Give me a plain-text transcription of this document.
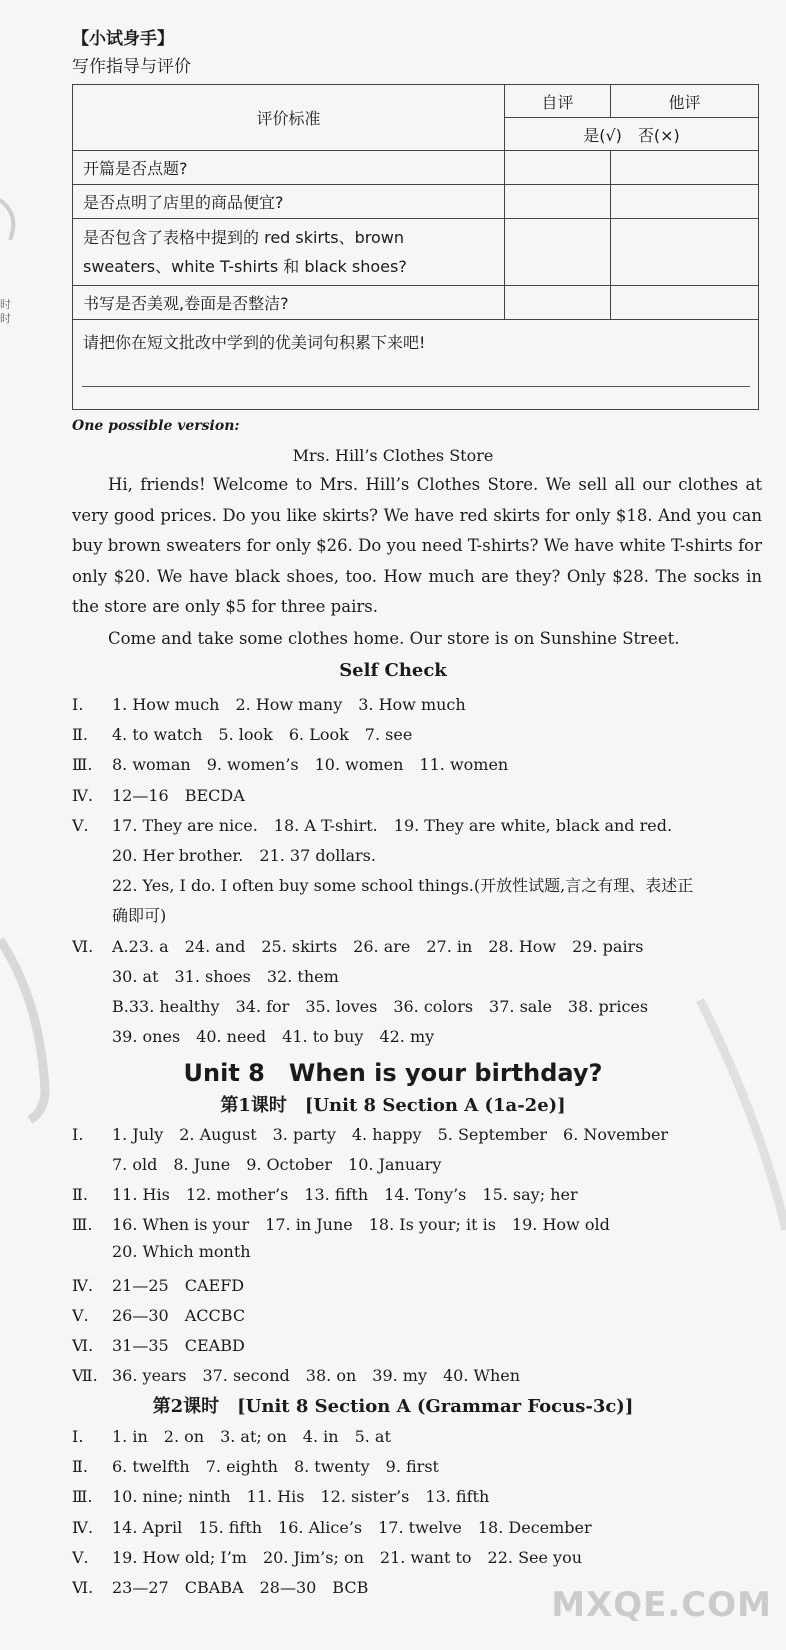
时
时
【小试身手】
写作指导与评价
评价标准	自评	他评
	是(√)　否(×)	
开篇是否点题?		
是否点明了店里的商品便宜?		
是否包含了表格中提到的 red skirts、brown sweaters、white T-shirts 和 black shoes?		
书写是否美观,卷面是否整洁?		
请把你在短文批改中学到的优美词句积累下来吧!		
One possible version:
Mrs. Hill’s Clothes Store
Hi, friends! Welcome to Mrs. Hill’s Clothes Store. We sell all our clothes at very good prices. Do you like skirts? We have red skirts for only $18. And you can buy brown sweaters for only $26. Do you need T-shirts? We have white T-shirts for only $20. We have black shoes, too. How much are they? Only $28. The socks in the store are only $5 for three pairs.
Come and take some clothes home. Our store is on Sunshine Street.
Self Check
Ⅰ. 1. How much　2. How many　3. How much
Ⅱ. 4. to watch　5. look　6. Look　7. see
Ⅲ. 8. woman　9. women’s　10. women　11. women
Ⅳ. 12—16　BECDA
Ⅴ. 17. They are nice.　18. A T-shirt.　19. They are white, black and red.
20. Her brother.　21. 37 dollars.
22. Yes, I do. I often buy some school things.(开放性试题,言之有理、表述正
确即可)
Ⅵ. A.23. a　24. and　25. skirts　26. are　27. in　28. How　29. pairs
30. at　31. shoes　32. them
B.33. healthy　34. for　35. loves　36. colors　37. sale　38. prices
39. ones　40. need　41. to buy　42. my
Unit 8　When is your birthday?
第1课时　[Unit 8 Section A (1a-2e)]
Ⅰ. 1. July　2. August　3. party　4. happy　5. September　6. November
7. old　8. June　9. October　10. January
Ⅱ. 11. His　12. mother’s　13. fifth　14. Tony’s　15. say; her
Ⅲ. 16. When is your　17. in June　18. Is your; it is　19. How old
20. Which month
Ⅳ. 21—25　CAEFD
Ⅴ. 26—30　ACCBC
Ⅵ. 31—35　CEABD
Ⅶ. 36. years　37. second　38. on　39. my　40. When
第2课时　[Unit 8 Section A (Grammar Focus-3c)]
Ⅰ. 1. in　2. on　3. at; on　4. in　5. at
Ⅱ. 6. twelfth　7. eighth　8. twenty　9. first
Ⅲ. 10. nine; ninth　11. His　12. sister’s　13. fifth
Ⅳ. 14. April　15. fifth　16. Alice’s　17. twelve　18. December
Ⅴ. 19. How old; I’m　20. Jim’s; on　21. want to　22. See you
Ⅵ. 23—27　CBABA　28—30　BCB	MXQE.COM
